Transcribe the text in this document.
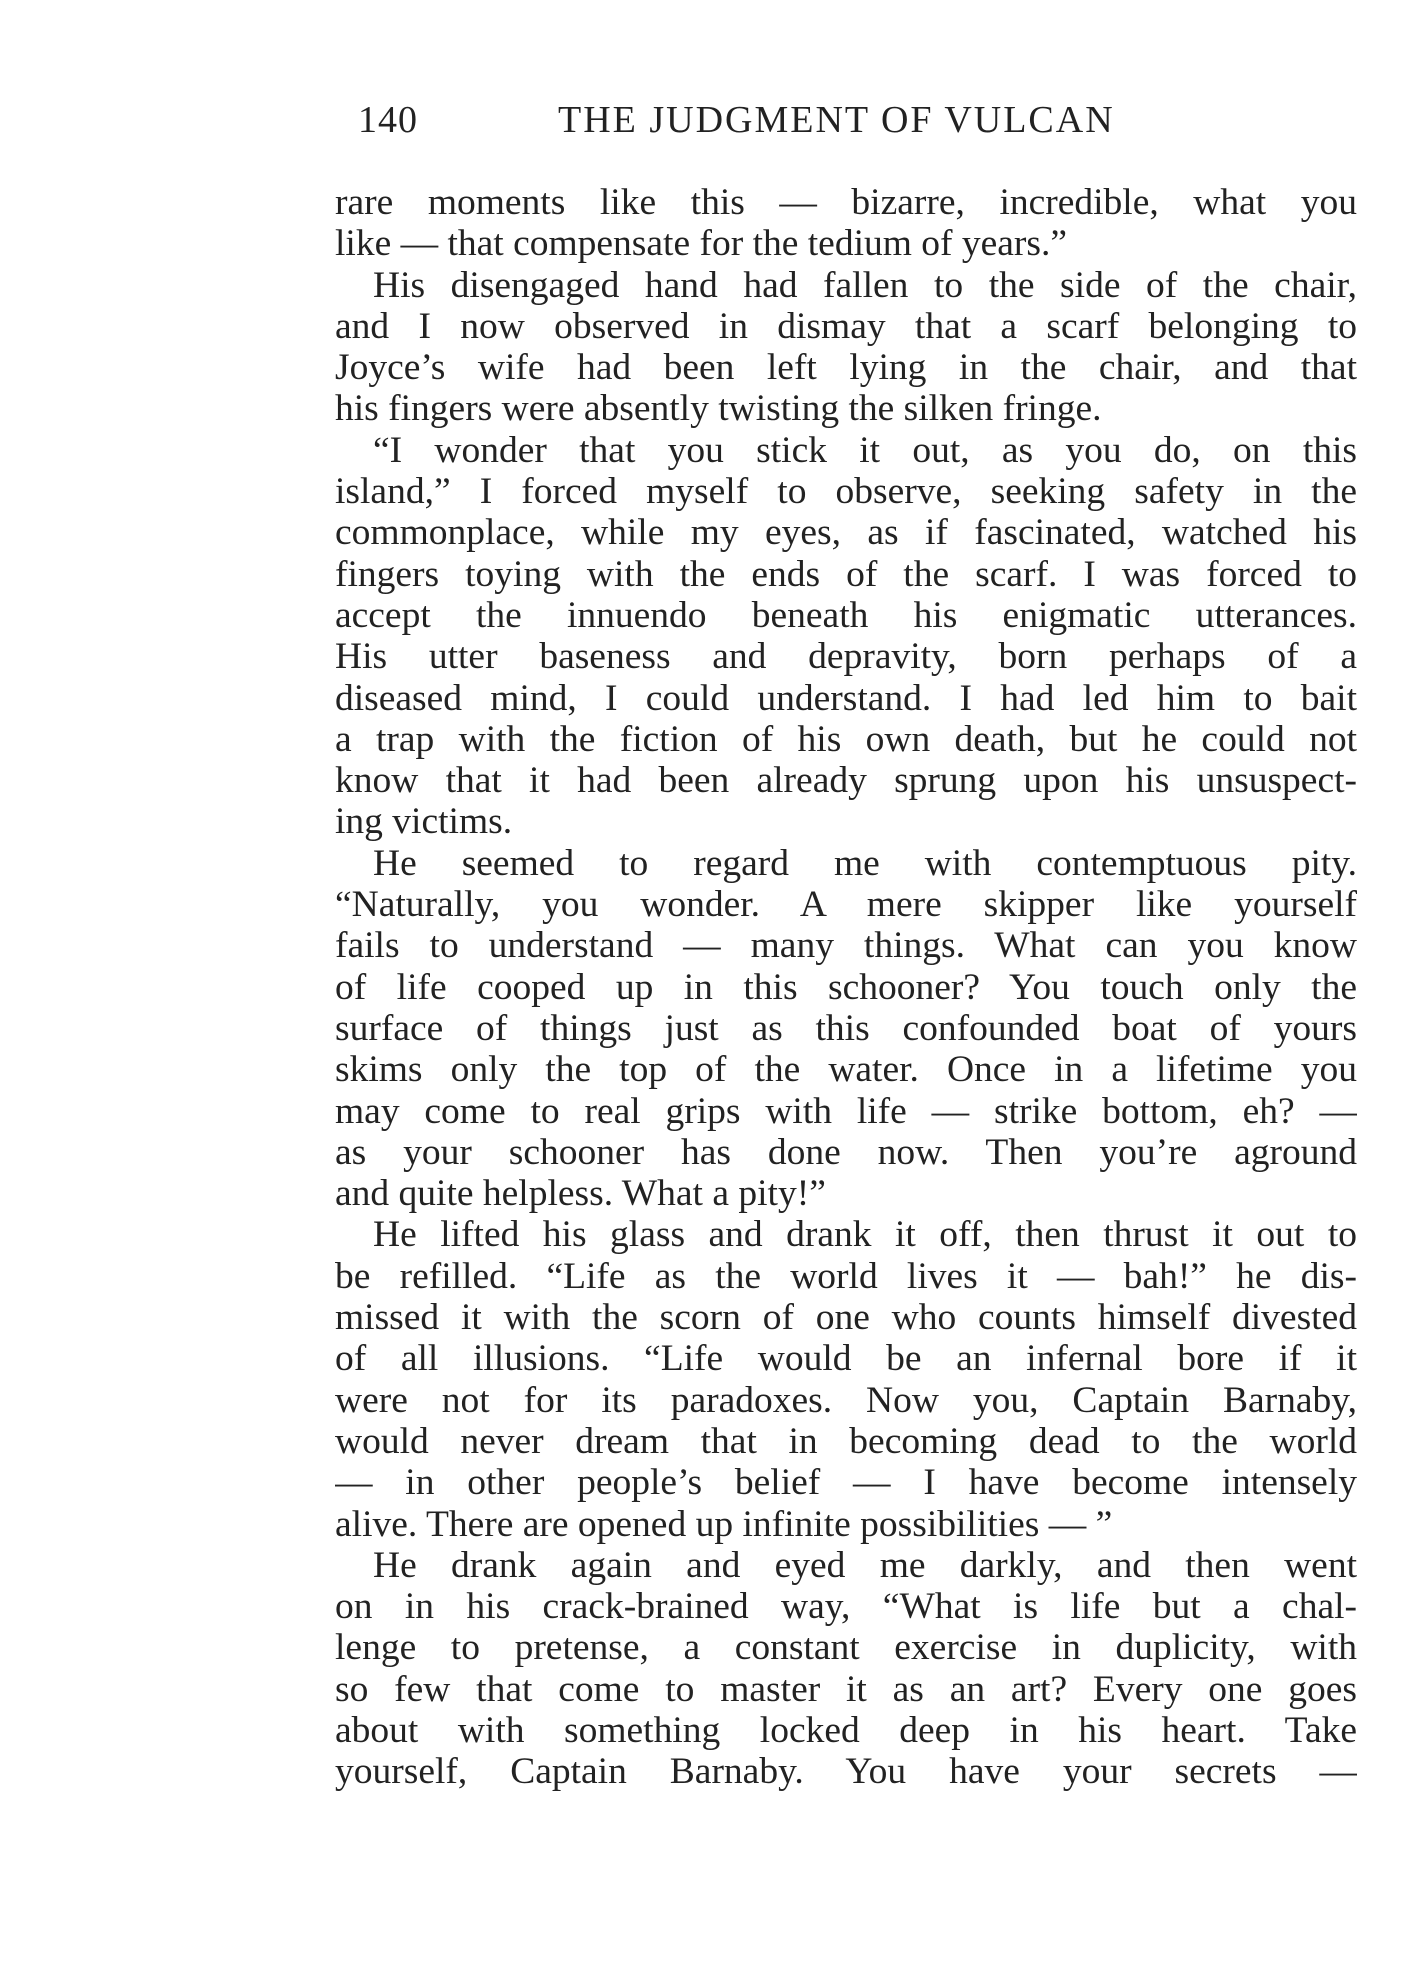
140	THE JUDGMENT OF VULCAN
rare moments like this — bizarre, incredible, what you
like — that compensate for the tedium of years.”
His disengaged hand had fallen to the side of the chair,
and I now observed in dismay that a scarf belonging to
Joyce’s wife had been left lying in the chair, and that
his fingers were absently twisting the silken fringe.
“I wonder that you stick it out, as you do, on this
island,” I forced myself to observe, seeking safety in the
commonplace, while my eyes, as if fascinated, watched his
fingers toying with the ends of the scarf. I was forced to
accept the innuendo beneath his enigmatic utterances.
His utter baseness and depravity, born perhaps of a
diseased mind, I could understand. I had led him to bait
a trap with the fiction of his own death, but he could not
know that it had been already sprung upon his unsuspect-
ing victims.
He seemed to regard me with contemptuous pity.
“Naturally, you wonder. A mere skipper like yourself
fails to understand — many things. What can you know
of life cooped up in this schooner? You touch only the
surface of things just as this confounded boat of yours
skims only the top of the water. Once in a lifetime you
may come to real grips with life — strike bottom, eh? —
as your schooner has done now. Then you’re aground
and quite helpless. What a pity!”
He lifted his glass and drank it off, then thrust it out to
be refilled. “Life as the world lives it — bah!” he dis-
missed it with the scorn of one who counts himself divested
of all illusions. “Life would be an infernal bore if it
were not for its paradoxes. Now you, Captain Barnaby,
would never dream that in becoming dead to the world
— in other people’s belief — I have become intensely
alive. There are opened up infinite possibilities — ”
He drank again and eyed me darkly, and then went
on in his crack-brained way, “What is life but a chal-
lenge to pretense, a constant exercise in duplicity, with
so few that come to master it as an art? Every one goes
about with something locked deep in his heart. Take
yourself, Captain Barnaby. You have your secrets —
